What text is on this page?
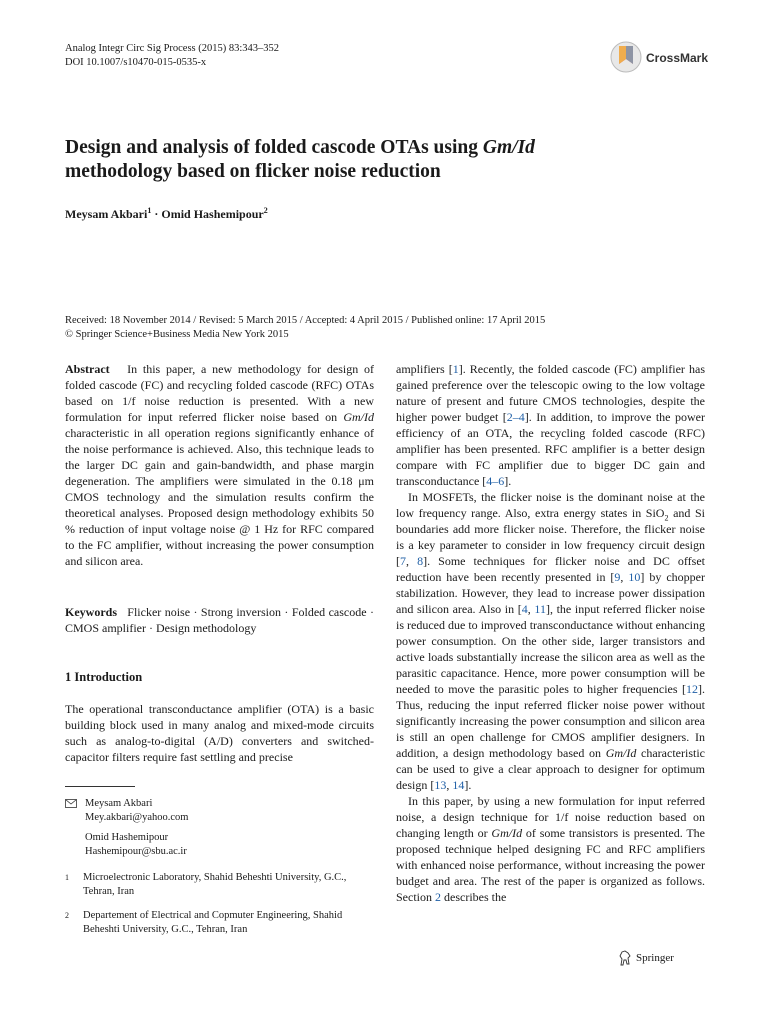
Analog Integr Circ Sig Process (2015) 83:343–352
DOI 10.1007/s10470-015-0535-x	CrossMark
Design and analysis of folded cascode OTAs using Gm/Id
methodology based on flicker noise reduction
Meysam Akbari$^1$ · Omid Hashemipour$^2$
Received: 18 November 2014 / Revised: 5 March 2015 / Accepted: 4 April 2015 / Published online: 17 April 2015
© Springer Science+Business Media New York 2015

Abstract In this paper, a new methodology for design of folded cascode (FC) and recycling folded cascode (RFC) OTAs based on 1/f noise reduction is presented. With a new formulation for input referred flicker noise based on Gm/Id characteristic in all operation regions significantly enhance of the noise performance is achieved. Also, this technique leads to the larger DC gain and gain-bandwidth, and phase margin degeneration. The amplifiers were simulated in the 0.18 μm CMOS technology and the simulation results confirm the theoretical analyses. Proposed design methodology exhibits 50 % reduction of input voltage noise @ 1 Hz for RFC compared to the FC amplifier, without increasing the power consumption and silicon area.

Keywords Flicker noise · Strong inversion · Folded cascode · CMOS amplifier · Design methodology

1 Introduction

The operational transconductance amplifier (OTA) is a basic building block used in many analog and mixed-mode circuits such as analog-to-digital (A/D) converters and switched-capacitor filters require fast settling and precise

Meysam Akbari
Mey.akbari@yahoo.com
Omid Hashemipour
Hashemipour@sbu.ac.ir
1 Microelectronic Laboratory, Shahid Beheshti University, G.C., Tehran, Iran
2 Departement of Electrical and Copmuter Engineering, Shahid Beheshti University, G.C., Tehran, Iran

amplifiers [1]. Recently, the folded cascode (FC) amplifier has gained preference over the telescopic owing to the low voltage nature of present and future CMOS technologies, despite the higher power budget [2–4]. In addition, to improve the power efficiency of an OTA, the recycling folded cascode (RFC) amplifier has been presented. RFC amplifier is a better design compare with FC amplifier due to bigger DC gain and transconductance [4–6].

In MOSFETs, the flicker noise is the dominant noise at the low frequency range. Also, extra energy states in SiO$_2$ and Si boundaries add more flicker noise. Therefore, the flicker noise is a key parameter to consider in low frequency circuit design [7, 8]. Some techniques for flicker noise and DC offset reduction have been recently presented in [9, 10] by chopper stabilization. However, they lead to increase power dissipation and silicon area. Also in [4, 11], the input referred flicker noise is reduced due to improved transconductance without enhancing power consumption. On the other side, larger transistors and active loads substantially increase the silicon area as well as the parasitic capacitance. Hence, more power consumption will be needed to move the parasitic poles to higher frequencies [12]. Thus, reducing the input referred flicker noise power without significantly increasing the power consumption and silicon area is still an open challenge for CMOS amplifier designers. In addition, a design methodology based on Gm/Id characteristic can be used to give a clear approach to designer for optimum design [13, 14].

In this paper, by using a new formulation for input referred noise, a design technique for 1/f noise reduction based on changing length or Gm/Id of some transistors is presented. The proposed technique helped designing FC and RFC amplifiers with enhanced noise performance, without increasing the power budget and area. The rest of the paper is organized as follows. Section 2 describes the

Springer
